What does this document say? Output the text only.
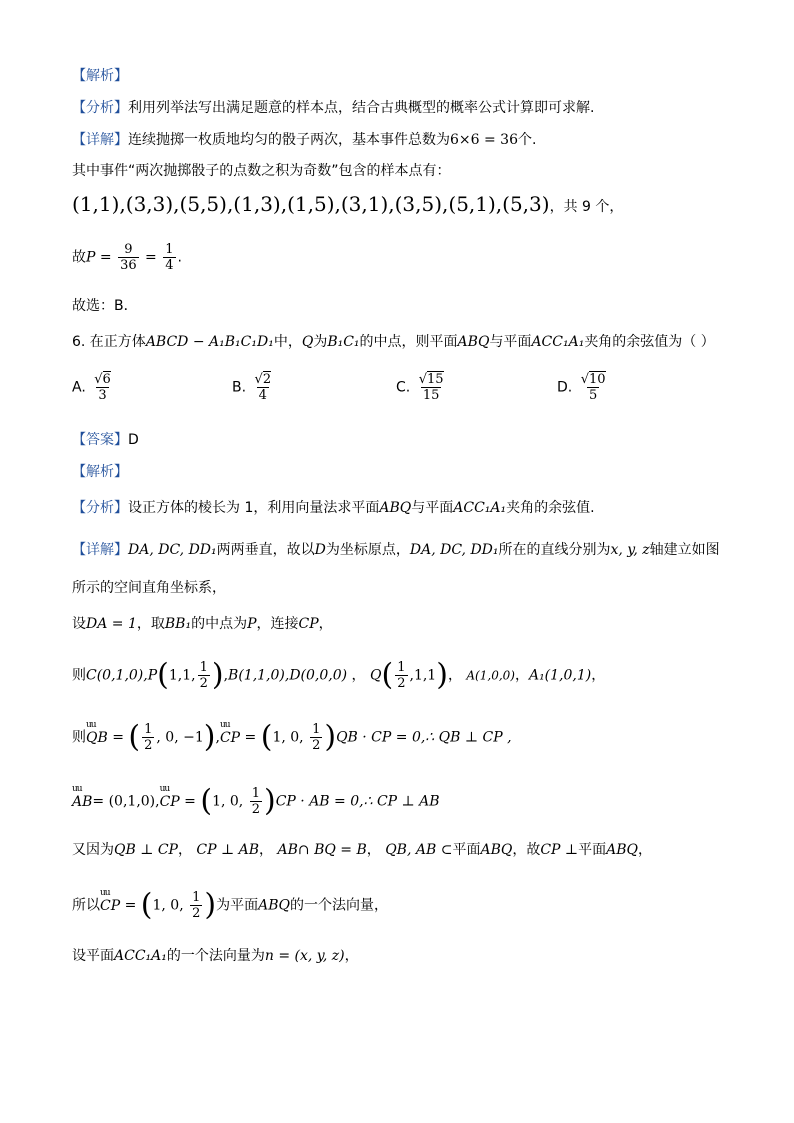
【解析】
【分析】利用列举法写出满足题意的样本点，结合古典概型的概率公式计算即可求解.
【详解】连续抛掷一枚质地均匀的骰子两次，基本事件总数为6×6 = 36个.
其中事件“两次抛掷骰子的点数之积为奇数”包含的样本点有：
(1,1),(3,3),(5,5),(1,3),(1,5),(3,1),(3,5),(5,1),(5,3)，共 9 个，
故$P = \frac{9}{36} = \frac{1}{4}$ .
故选：B．
6. 在正方体ABCD − A₁B₁C₁D₁中，Q为B₁C₁的中点，则平面ABQ与平面ACC₁A₁夹角的余弦值为（ ）
A. $\frac{√6}{3}$	B. $\frac{√2}{4}$	C. $\frac{√15}{15}$	D. $\frac{√10}{5}$
【答案】D
【解析】
【分析】设正方体的棱长为 1，利用向量法求平面ABQ与平面ACC₁A₁夹角的余弦值.
【详解】DA, DC, DD₁两两垂直，故以D为坐标原点，DA, DC, DD₁所在的直线分别为x, y, z轴建立如图
所示的空间直角坐标系，
设DA = 1，取BB₁的中点为P，连接CP，
则C(0,1,0),P(1,1, $\frac{1}{2} ),B(1,1,0),D(0,0,0)$ ， $Q( \frac{1}{2} ,1,1)$， A(1,0,0)，A₁(1,0,1)，
则uu QB = ( $\frac{1}{2}$ , 0, −1),uu CP = (1, 0, $\frac{1}{2} )QB$ · CP = 0,∴ QB ⊥ CP ,
uu AB= (0,1,0),uu CP = (1, 0, $\frac{1}{2} )CP$ · AB = 0,∴ CP ⊥ AB
又因为QB ⊥ CP， CP ⊥ AB， AB∩ BQ = B， QB, AB ⊂平面ABQ，故CP ⊥平面ABQ，
所以uu CP = (1, 0, $\frac{1}{2}$ )为平面ABQ的一个法向量，
设平面ACC₁A₁的一个法向量为n = (x, y, z)，
